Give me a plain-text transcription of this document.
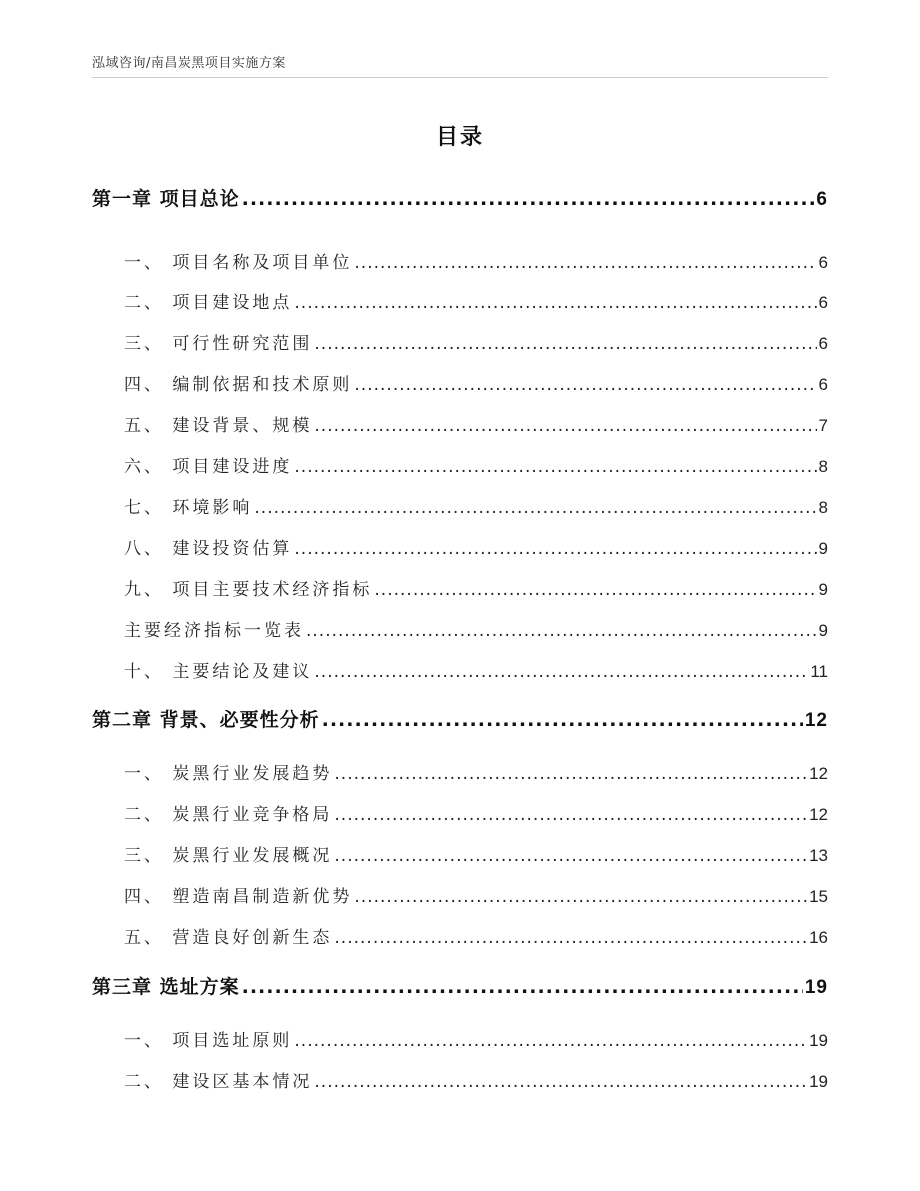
泓域咨询/南昌炭黑项目实施方案
目录
第一章 项目总论 .....	6
一、 项目名称及项目单位 .....	6
二、 项目建设地点 .....	6
三、 可行性研究范围 .....	6
四、 编制依据和技术原则 .....	6
五、 建设背景、规模 .....	7
六、 项目建设进度 .....	8
七、 环境影响 .....	8
八、 建设投资估算 .....	9
九、 项目主要技术经济指标 .....	9
主要经济指标一览表 .....	9
十、 主要结论及建议 .....	11
第二章 背景、必要性分析 .....	12
一、 炭黑行业发展趋势 .....	12
二、 炭黑行业竞争格局 .....	12
三、 炭黑行业发展概况 .....	13
四、 塑造南昌制造新优势 .....	15
五、 营造良好创新生态 .....	16
第三章 选址方案 .....	19
一、 项目选址原则 .....	19
二、 建设区基本情况 .....	19
